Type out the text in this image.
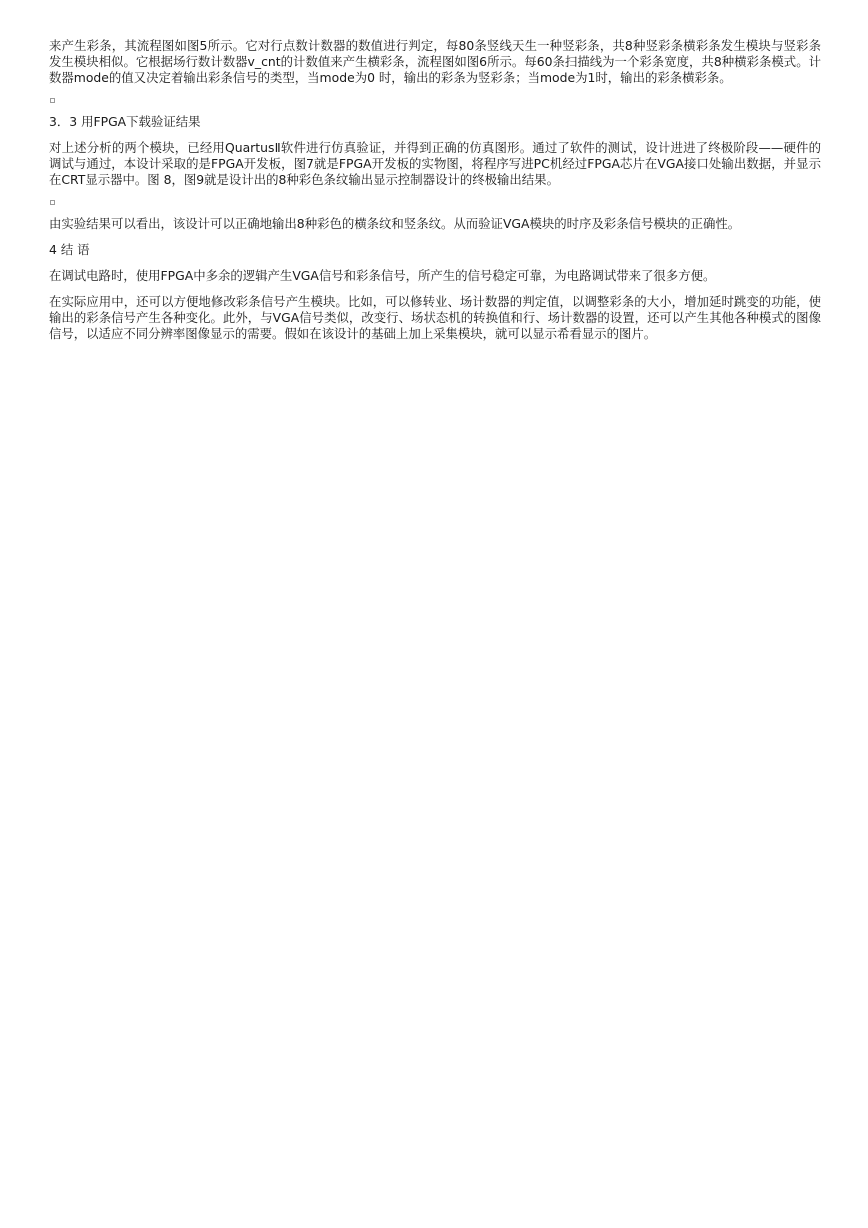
来产生彩条，其流程图如图5所示。它对行点数计数器的数值进行判定，每80条竖线天生一种竖彩条，共8种竖彩条横彩条发生模块与竖彩条发生模块相似。它根据场行数计数器v_cnt的计数值来产生横彩条，流程图如图6所示。每60条扫描线为一个彩条宽度，共8种横彩条模式。计数器mode的值又决定着输出彩条信号的类型，当mode为0 时，输出的彩条为竖彩条；当mode为1时，输出的彩条横彩条。

3．3 用FPGA下载验证结果

对上述分析的两个模块，已经用QuartusⅡ软件进行仿真验证，并得到正确的仿真图形。通过了软件的测试，设计进进了终极阶段——硬件的调试与通过，本设计采取的是FPGA开发板，图7就是FPGA开发板的实物图，将程序写进PC机经过FPGA芯片在VGA接口处输出数据，并显示在CRT显示器中。图 8，图9就是设计出的8种彩色条纹输出显示控制器设计的终极输出结果。

由实验结果可以看出，该设计可以正确地输出8种彩色的横条纹和竖条纹。从而验证VGA模块的时序及彩条信号模块的正确性。

4 结 语

在调试电路时，使用FPGA中多余的逻辑产生VGA信号和彩条信号，所产生的信号稳定可靠，为电路调试带来了很多方便。

在实际应用中，还可以方便地修改彩条信号产生模块。比如，可以修转业、场计数器的判定值，以调整彩条的大小，增加延时跳变的功能，使输出的彩条信号产生各种变化。此外，与VGA信号类似，改变行、场状态机的转换值和行、场计数器的设置，还可以产生其他各种模式的图像信号，以适应不同分辨率图像显示的需要。假如在该设计的基础上加上采集模块，就可以显示希看显示的图片。
